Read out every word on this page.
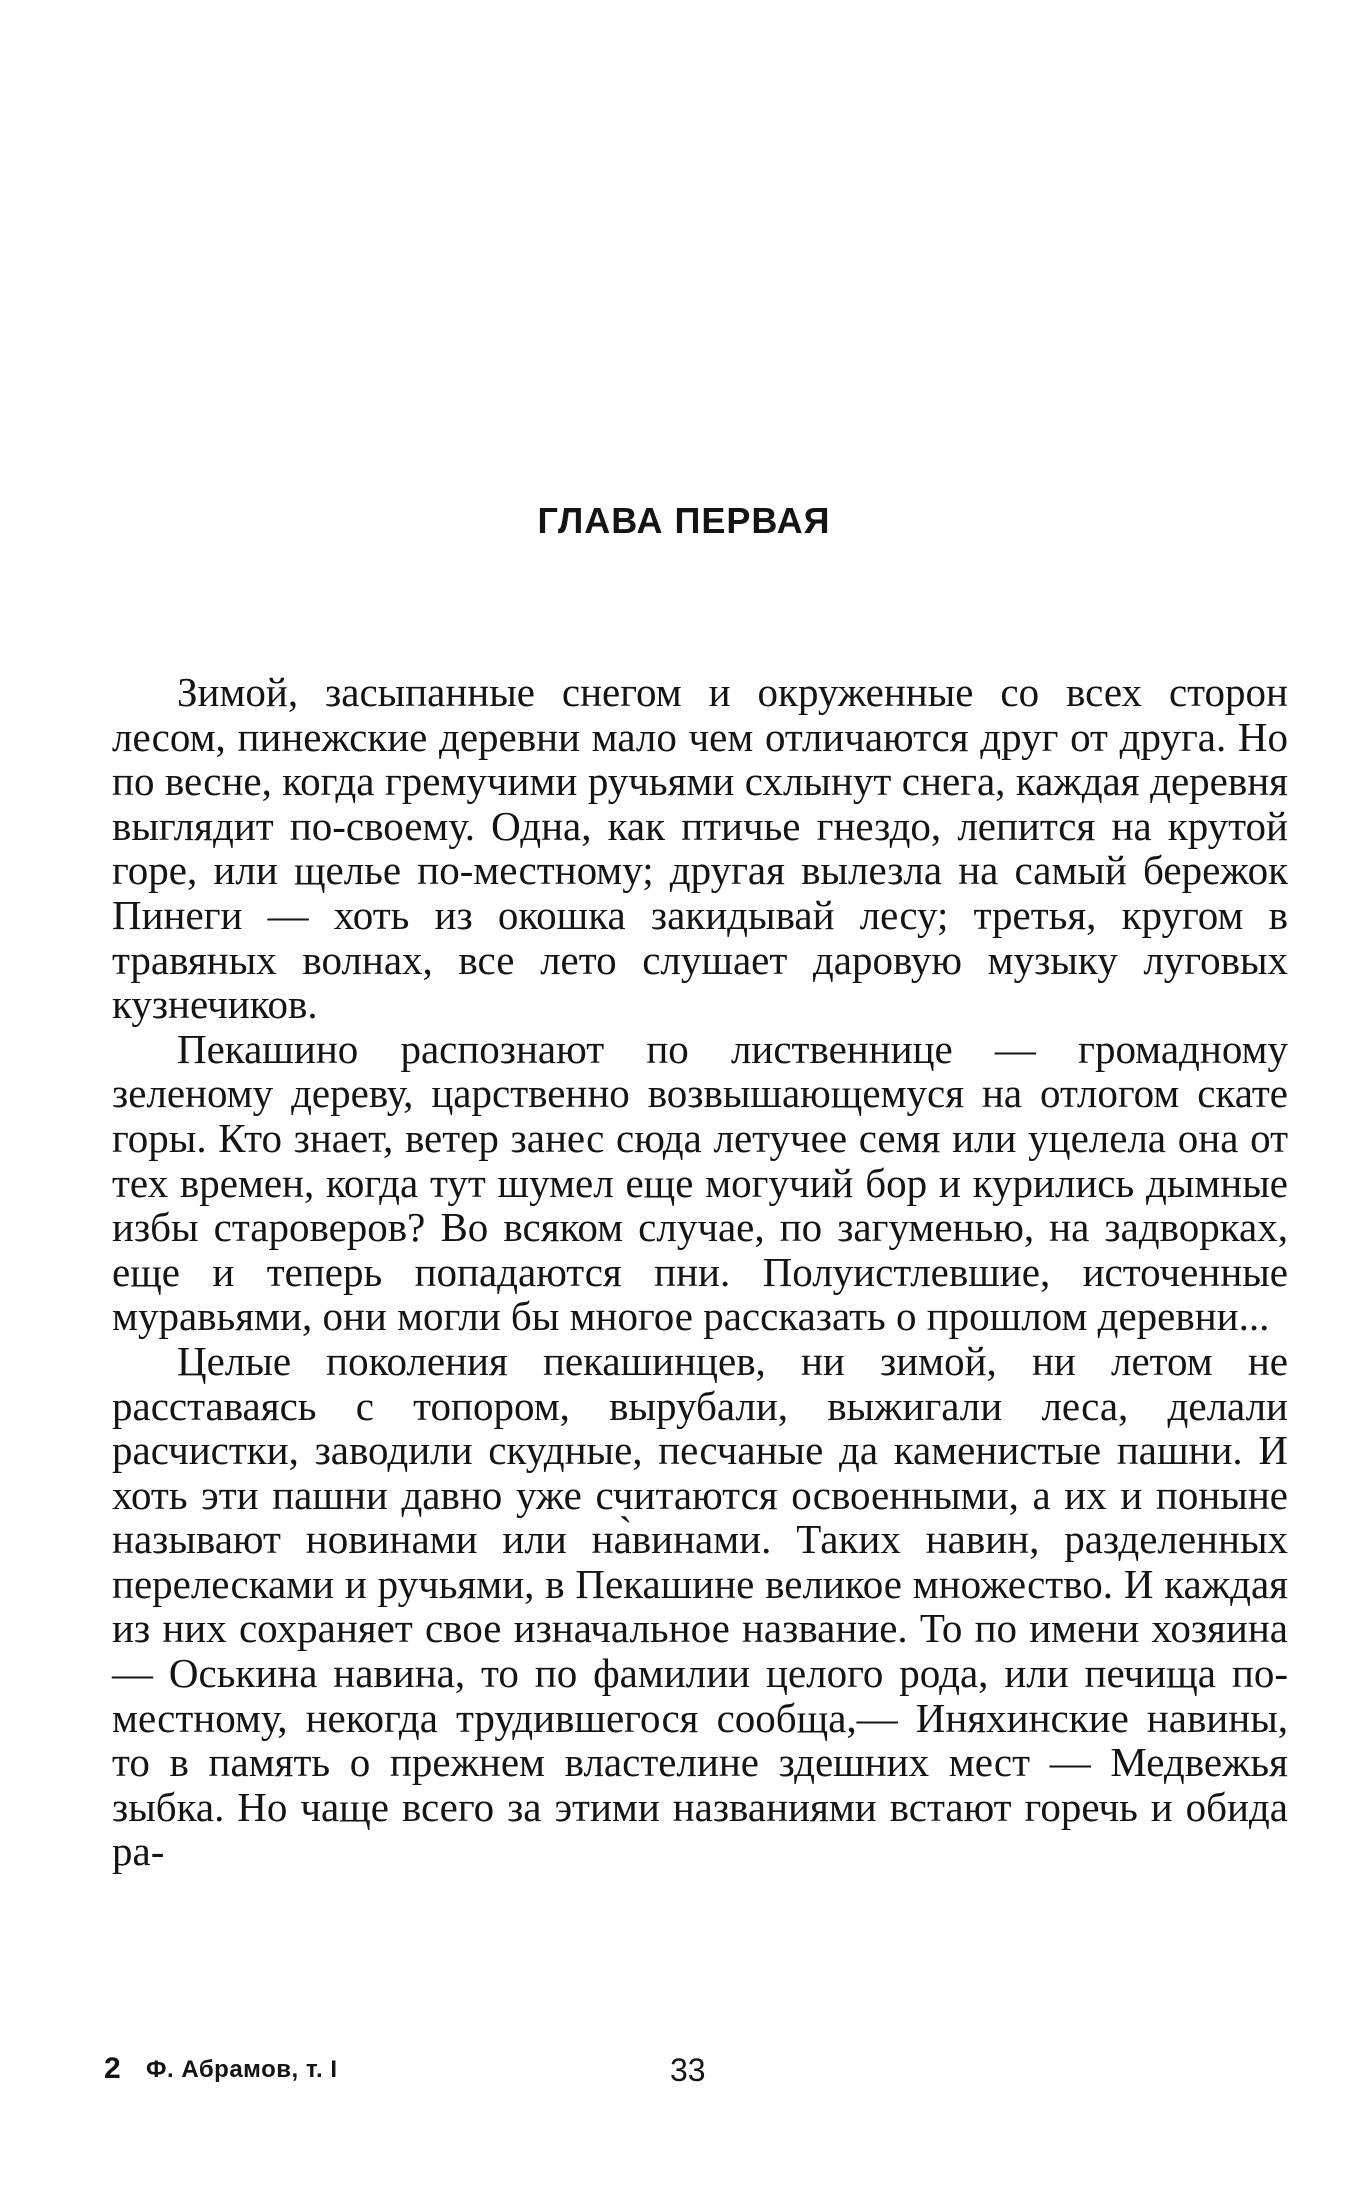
ГЛАВА ПЕРВАЯ

Зимой, засыпанные снегом и окруженные со всех сторон лесом, пинежские деревни мало чем отличаются друг от друга. Но по весне, когда гремучими ручьями схлынут снега, каждая деревня выглядит по-своему. Одна, как птичье гнездо, лепится на крутой горе, или щелье по-местному; другая вылезла на самый бережок Пинеги — хоть из окошка закидывай лесу; третья, кругом в травяных волнах, все лето слушает даровую музыку луговых кузнечиков.

Пекашино распознают по лиственнице — громадному зеленому дереву, царственно возвышающемуся на отлогом скате горы. Кто знает, ветер занес сюда летучее семя или уцелела она от тех времен, когда тут шумел еще могучий бор и курились дымные избы староверов? Во всяком случае, по загуменью, на задворках, еще и теперь попадаются пни. Полуистлевшие, источенные муравьями, они могли бы многое рассказать о прошлом деревни...

Целые поколения пекашинцев, ни зимой, ни летом не расставаясь с топором, вырубали, выжигали леса, делали расчистки, заводили скудные, песчаные да каменистые пашни. И хоть эти пашни давно уже считаются освоенными, а их и поныне называют новинами или на̀винами. Таких навин, разделенных перелесками и ручьями, в Пекашине великое множество. И каждая из них сохраняет свое изначальное название. То по имени хозяина — Оськина навина, то по фамилии целого рода, или печища по-местному, некогда трудившегося сообща,— Иняхинские навины, то в память о прежнем властелине здешних мест — Медвежья зыбка. Но чаще всего за этими названиями встают горечь и обида ра-

2 Ф. Абрамов, т. I	33
